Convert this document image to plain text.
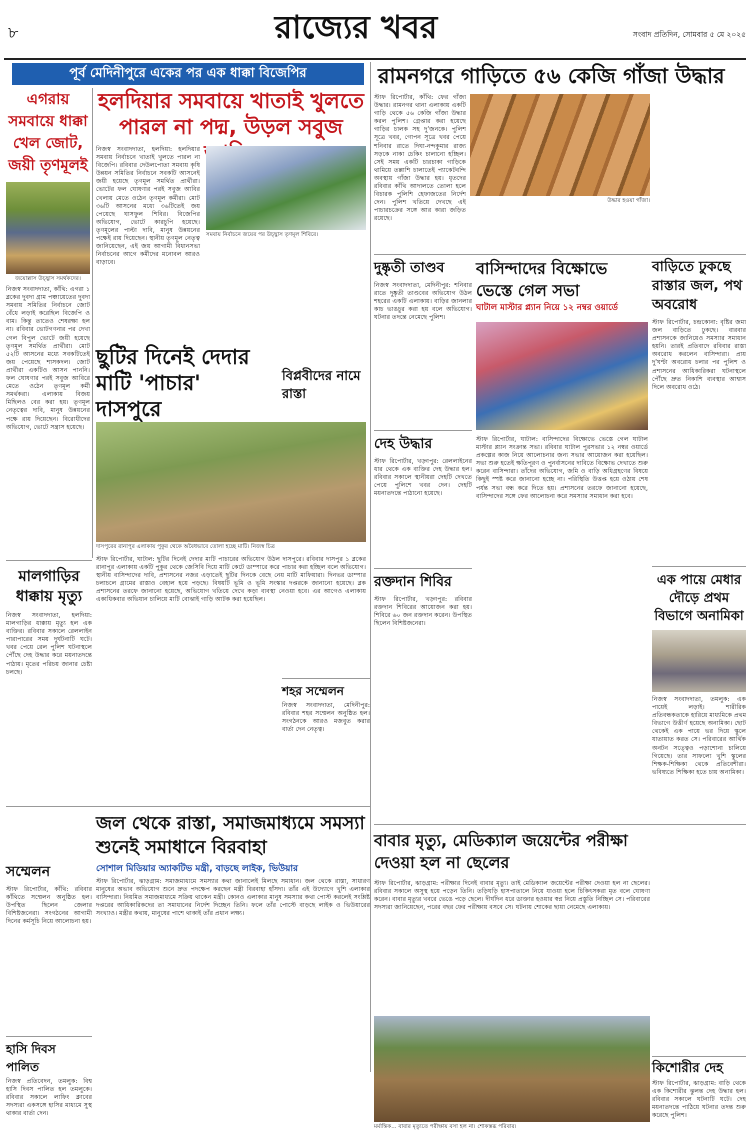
৮	রাজ্যের খবর	সংবাদ প্রতিদিন, সোমবার ৫ মে ২০২৫
পূর্ব মেদিনীপুরে একের পর এক ধাক্কা বিজেপির
এগরায় সমবায়ে ধাক্কা খেল জোট, জয়ী তৃণমূলই
জয়োল্লাস উচ্ছ্বাস সমর্থকদের।
নিজস্ব সংবাদদাতা, কাঁথি: এগরা ১ ব্লকের দুবদা গ্রাম পঞ্চায়েতের দুবদা সমবায় সমিতির নির্বাচনে জোট বেঁধে লড়াই করেছিল বিজেপি ও বাম। কিন্তু তাতেও শেষরক্ষা হল না। রবিবার ভোটগণনার পর দেখা গেল বিপুল ভোটে জয়ী হয়েছে তৃণমূল সমর্থিত প্রার্থীরা। মোট ৫২টি আসনের মধ্যে সবকটিতেই জয় পেয়েছে শাসকদল। জোট প্রার্থীরা একটিও আসন পাননি। ফল ঘোষণার পরই সবুজ আবিরে মেতে ওঠেন তৃণমূল কর্মী সমর্থকরা। এলাকায় বিজয় মিছিলও বের করা হয়। তৃণমূল নেতৃত্বের দাবি, মানুষ উন্নয়নের পক্ষে রায় দিয়েছেন। বিরোধীদের অভিযোগ, ভোটে সন্ত্রাস হয়েছে।
হলদিয়ার সমবায়ে খাতাই খুলতে পারল না পদ্ম, উড়ল সবুজ
নিজস্ব সংবাদদাতা, হলদিয়া: হলদিয়ার সমবায় নির্বাচনে খাতাই খুলতে পারল না বিজেপি। রবিবার দেউলপোতা সমবায় কৃষি উন্নয়ন সমিতির নির্বাচনে সবকটি আসনেই জয়ী হয়েছে তৃণমূল সমর্থিত প্রার্থীরা। ভোটের ফল ঘোষণার পরই সবুজ আবির খেলায় মেতে ওঠেন তৃণমূল কর্মীরা। মোট ৩৬টি আসনের মধ্যে ৩৬টিতেই জয় পেয়েছে ঘাসফুল শিবির। বিজেপির অভিযোগ, ভোটে কারচুপি হয়েছে। তৃণমূলের পাল্টা দাবি, মানুষ উন্নয়নের পক্ষেই রায় দিয়েছেন। স্থানীয় তৃণমূল নেতৃত্ব জানিয়েছেন, এই জয় আগামী বিধানসভা নির্বাচনের আগে কর্মীদের মনোবল আরও বাড়াবে।
সমবায় নির্বাচনে জয়ের পর উচ্ছ্বাস তৃণমূল শিবিরে।
রামনগরে গাড়িতে ৫৬ কেজি গাঁজা উদ্ধার
স্টাফ রিপোর্টার, কাঁথি: ফের গাঁজা উদ্ধার। রামনগর থানা এলাকায় একটি গাড়ি থেকে ৫৬ কেজি গাঁজা উদ্ধার করল পুলিশ। গ্রেপ্তার করা হয়েছে গাড়ির চালক সহ দু'জনকে। পুলিশ সূত্রে খবর, গোপন সূত্রে খবর পেয়ে শনিবার রাতে দিঘা-নন্দকুমার রাজ্য সড়কে নাকা চেকিং চালানো হচ্ছিল। সেই সময় একটি চারচাকা গাড়িকে থামিয়ে তল্লাশি চালাতেই প্যাকেটবন্দি অবস্থায় গাঁজা উদ্ধার হয়। ধৃতদের রবিবার কাঁথি আদালতে তোলা হলে বিচারক পুলিশি হেফাজতের নির্দেশ দেন। পুলিশ খতিয়ে দেখছে এই পাচারচক্রের সঙ্গে আর কারা জড়িত রয়েছে।
উদ্ধার হওয়া গাঁজা।
ছুটির দিনেই দেদার মাটি 'পাচার' দাসপুরে
দাসপুরের রানাপুর এলাকায় পুকুর থেকে অবৈধভাবে তোলা হচ্ছে মাটি। নিজস্ব চিত্র
স্টাফ রিপোর্টার, ঘাটাল: ছুটির দিনেই দেদার মাটি পাচারের অভিযোগ উঠল দাসপুরে। রবিবার দাসপুর ১ ব্লকের রানাপুর এলাকায় একটি পুকুর থেকে জেসিবি দিয়ে মাটি কেটে ডাম্পারে করে পাচার করা হচ্ছিল বলে অভিযোগ। স্থানীয় বাসিন্দাদের দাবি, প্রশাসনের নজর এড়াতেই ছুটির দিনকে বেছে নেয় মাটি মাফিয়ারা। দিনভর ডাম্পার চলাচলে গ্রামের রাস্তাও বেহাল হয়ে পড়ছে। বিষয়টি ভূমি ও ভূমি সংস্কার দপ্তরকে জানানো হয়েছে। ব্লক প্রশাসনের তরফে জানানো হয়েছে, অভিযোগ খতিয়ে দেখে কড়া ব্যবস্থা নেওয়া হবে। এর আগেও এলাকায় একাধিকবার অভিযান চালিয়ে মাটি বোঝাই গাড়ি আটক করা হয়েছিল।
বিপ্লবীদের নামে রাস্তা
মালগাড়ির ধাক্কায় মৃত্যু
নিজস্ব সংবাদদাতা, হলদিয়া: মালগাড়ির ধাক্কায় মৃত্যু হল এক ব্যক্তির। রবিবার সকালে রেললাইন পারাপারের সময় দুর্ঘটনাটি ঘটে। খবর পেয়ে রেল পুলিশ ঘটনাস্থলে পৌঁছে দেহ উদ্ধার করে ময়নাতদন্তে পাঠায়। মৃতের পরিচয় জানার চেষ্টা চলছে।
দুষ্কৃতী তাণ্ডব
নিজস্ব সংবাদদাতা, মেদিনীপুর: শনিবার রাতে দুষ্কৃতী তাণ্ডবের অভিযোগ উঠল শহরের একটি এলাকায়। বাড়ির জানলার কাচ ভাঙচুর করা হয় বলে অভিযোগ। ঘটনার তদন্তে নেমেছে পুলিশ।
বাসিন্দাদের বিক্ষোভে ভেস্তে গেল সভা
ঘাটাল মাস্টার প্ল্যান নিয়ে ১২ নম্বর ওয়ার্ডে
স্টাফ রিপোর্টার, ঘাটাল: বাসিন্দাদের বিক্ষোভে ভেস্তে গেল ঘাটাল মাস্টার প্ল্যান সংক্রান্ত সভা। রবিবার ঘাটাল পুরসভার ১২ নম্বর ওয়ার্ডে প্রকল্পের কাজ নিয়ে আলোচনার জন্য সভার আয়োজন করা হয়েছিল। সভা শুরু হতেই ক্ষতিপূরণ ও পুনর্বাসনের দাবিতে বিক্ষোভ দেখাতে শুরু করেন বাসিন্দারা। তাঁদের অভিযোগ, জমি ও বাড়ি অধিগ্রহণের বিষয়ে কিছুই স্পষ্ট করে জানানো হচ্ছে না। পরিস্থিতি উত্তপ্ত হয়ে ওঠায় শেষ পর্যন্ত সভা বন্ধ করে দিতে হয়। প্রশাসনের তরফে জানানো হয়েছে, বাসিন্দাদের সঙ্গে ফের আলোচনা করে সমস্যার সমাধান করা হবে।
বাড়িতে ঢুকছে রাস্তার জল, পথ অবরোধ
স্টাফ রিপোর্টার, চন্দ্রকোনা: বৃষ্টির জমা জল বাড়িতে ঢুকছে। বারবার প্রশাসনকে জানিয়েও সমস্যার সমাধান হয়নি। তারই প্রতিবাদে রবিবার রাস্তা অবরোধ করলেন বাসিন্দারা। প্রায় দু'ঘণ্টা অবরোধ চলার পর পুলিশ ও প্রশাসনের আধিকারিকরা ঘটনাস্থলে পৌঁছে দ্রুত নিকাশি ব্যবস্থার আশ্বাস দিলে অবরোধ ওঠে।
দেহ উদ্ধার
স্টাফ রিপোর্টার, খড়্গপুর: রেললাইনের ধার থেকে এক ব্যক্তির দেহ উদ্ধার হল। রবিবার সকালে স্থানীয়রা দেহটি দেখতে পেয়ে পুলিশে খবর দেন। দেহটি ময়নাতদন্তে পাঠানো হয়েছে।
রক্তদান শিবির
স্টাফ রিপোর্টার, খড়্গপুর: রবিবার রক্তদান শিবিরের আয়োজন করা হয়। শিবিরে ৬০ জন রক্তদান করেন। উপস্থিত ছিলেন বিশিষ্টজনেরা।
শহর সম্মেলন
নিজস্ব সংবাদদাতা, মেদিনীপুর: রবিবার শহর সম্মেলন অনুষ্ঠিত হল। সংগঠনকে আরও মজবুত করার বার্তা দেন নেতৃত্ব।
এক পায়ে মেধার দৌড়ে প্রথম বিভাগে অনামিকা
নিজস্ব সংবাদদাতা, তমলুক: এক পায়েই লড়াই। শারীরিক প্রতিবন্ধকতাকে হারিয়ে মাধ্যমিকে প্রথম বিভাগে উত্তীর্ণ হয়েছে অনামিকা। ছোট থেকেই এক পায়ে ভর দিয়ে স্কুলে যাতায়াত করত সে। পরিবারের আর্থিক অনটন সত্ত্বেও পড়াশোনা চালিয়ে গিয়েছে। তার সাফল্যে খুশি স্কুলের শিক্ষক-শিক্ষিকা থেকে প্রতিবেশীরা। ভবিষ্যতে শিক্ষিকা হতে চায় অনামিকা।
জল থেকে রাস্তা, সমাজমাধ্যমে সমস্যা শুনেই সমাধানে বিরবাহা
সোশাল মিডিয়ার অ্যাকটিভ মন্ত্রী, বাড়ছে লাইক, ভিউয়ার
স্টাফ রিপোর্টার, ঝাড়গ্রাম: সমাজমাধ্যমে সমস্যার কথা জানালেই মিলছে সমাধান। জল থেকে রাস্তা, সাধারণ মানুষের অভাব অভিযোগ শুনে দ্রুত পদক্ষেপ করছেন মন্ত্রী বিরবাহা হাঁসদা। তাঁর এই উদ্যোগে খুশি এলাকার বাসিন্দারা। নিয়মিত সমাজমাধ্যমে সক্রিয় থাকেন মন্ত্রী। কোনও এলাকার মানুষ সমস্যার কথা পোস্ট করলেই সংশ্লিষ্ট দপ্তরের আধিকারিকদের তা সমাধানের নির্দেশ দিচ্ছেন তিনি। ফলে তাঁর পোস্টে বাড়ছে লাইক ও ভিউয়ারের সংখ্যাও। মন্ত্রীর কথায়, মানুষের পাশে থাকাই তাঁর প্রধান লক্ষ্য।
সম্মেলন
স্টাফ রিপোর্টার, কাঁথি: রবিবার কাঁথিতে সম্মেলন অনুষ্ঠিত হল। উপস্থিত ছিলেন জেলার বিশিষ্টজনেরা। সংগঠনের আগামী দিনের কর্মসূচি নিয়ে আলোচনা হয়।
হাসি দিবস পালিত
নিজস্ব প্রতিবেদন, তমলুক: বিশ্ব হাসি দিবস পালিত হল তমলুকে। রবিবার সকালে লাফিং ক্লাবের সদস্যরা একসঙ্গে হাসির মাধ্যমে সুস্থ থাকার বার্তা দেন।
বাবার মৃত্যু, মেডিক্যাল জয়েন্টের পরীক্ষা দেওয়া হল না ছেলের
স্টাফ রিপোর্টার, ঝাড়গ্রাম: পরীক্ষার দিনেই বাবার মৃত্যু। তাই মেডিক্যাল জয়েন্টের পরীক্ষা দেওয়া হল না ছেলের। রবিবার সকালে অসুস্থ হয়ে পড়েন তিনি। তড়িঘড়ি হাসপাতালে নিয়ে যাওয়া হলে চিকিৎসকরা মৃত বলে ঘোষণা করেন। বাবার মৃত্যুর খবরে ভেঙে পড়ে ছেলে। দীর্ঘদিন ধরে ডাক্তার হওয়ার স্বপ্ন নিয়ে প্রস্তুতি নিচ্ছিল সে। পরিবারের সদস্যরা জানিয়েছেন, পরের বছর ফের পরীক্ষায় বসবে সে। ঘটনায় শোকের ছায়া নেমেছে এলাকায়।
মর্মান্তিক... বাবার মৃত্যুতে পরীক্ষায় বসা হল না। শোকস্তব্ধ পরিবার।
কিশোরীর দেহ
স্টাফ রিপোর্টার, ঝাড়গ্রাম: বাড়ি থেকে এক কিশোরীর ঝুলন্ত দেহ উদ্ধার হল। রবিবার সকালে ঘটনাটি ঘটে। দেহ ময়নাতদন্তে পাঠিয়ে ঘটনার তদন্ত শুরু করেছে পুলিশ।
